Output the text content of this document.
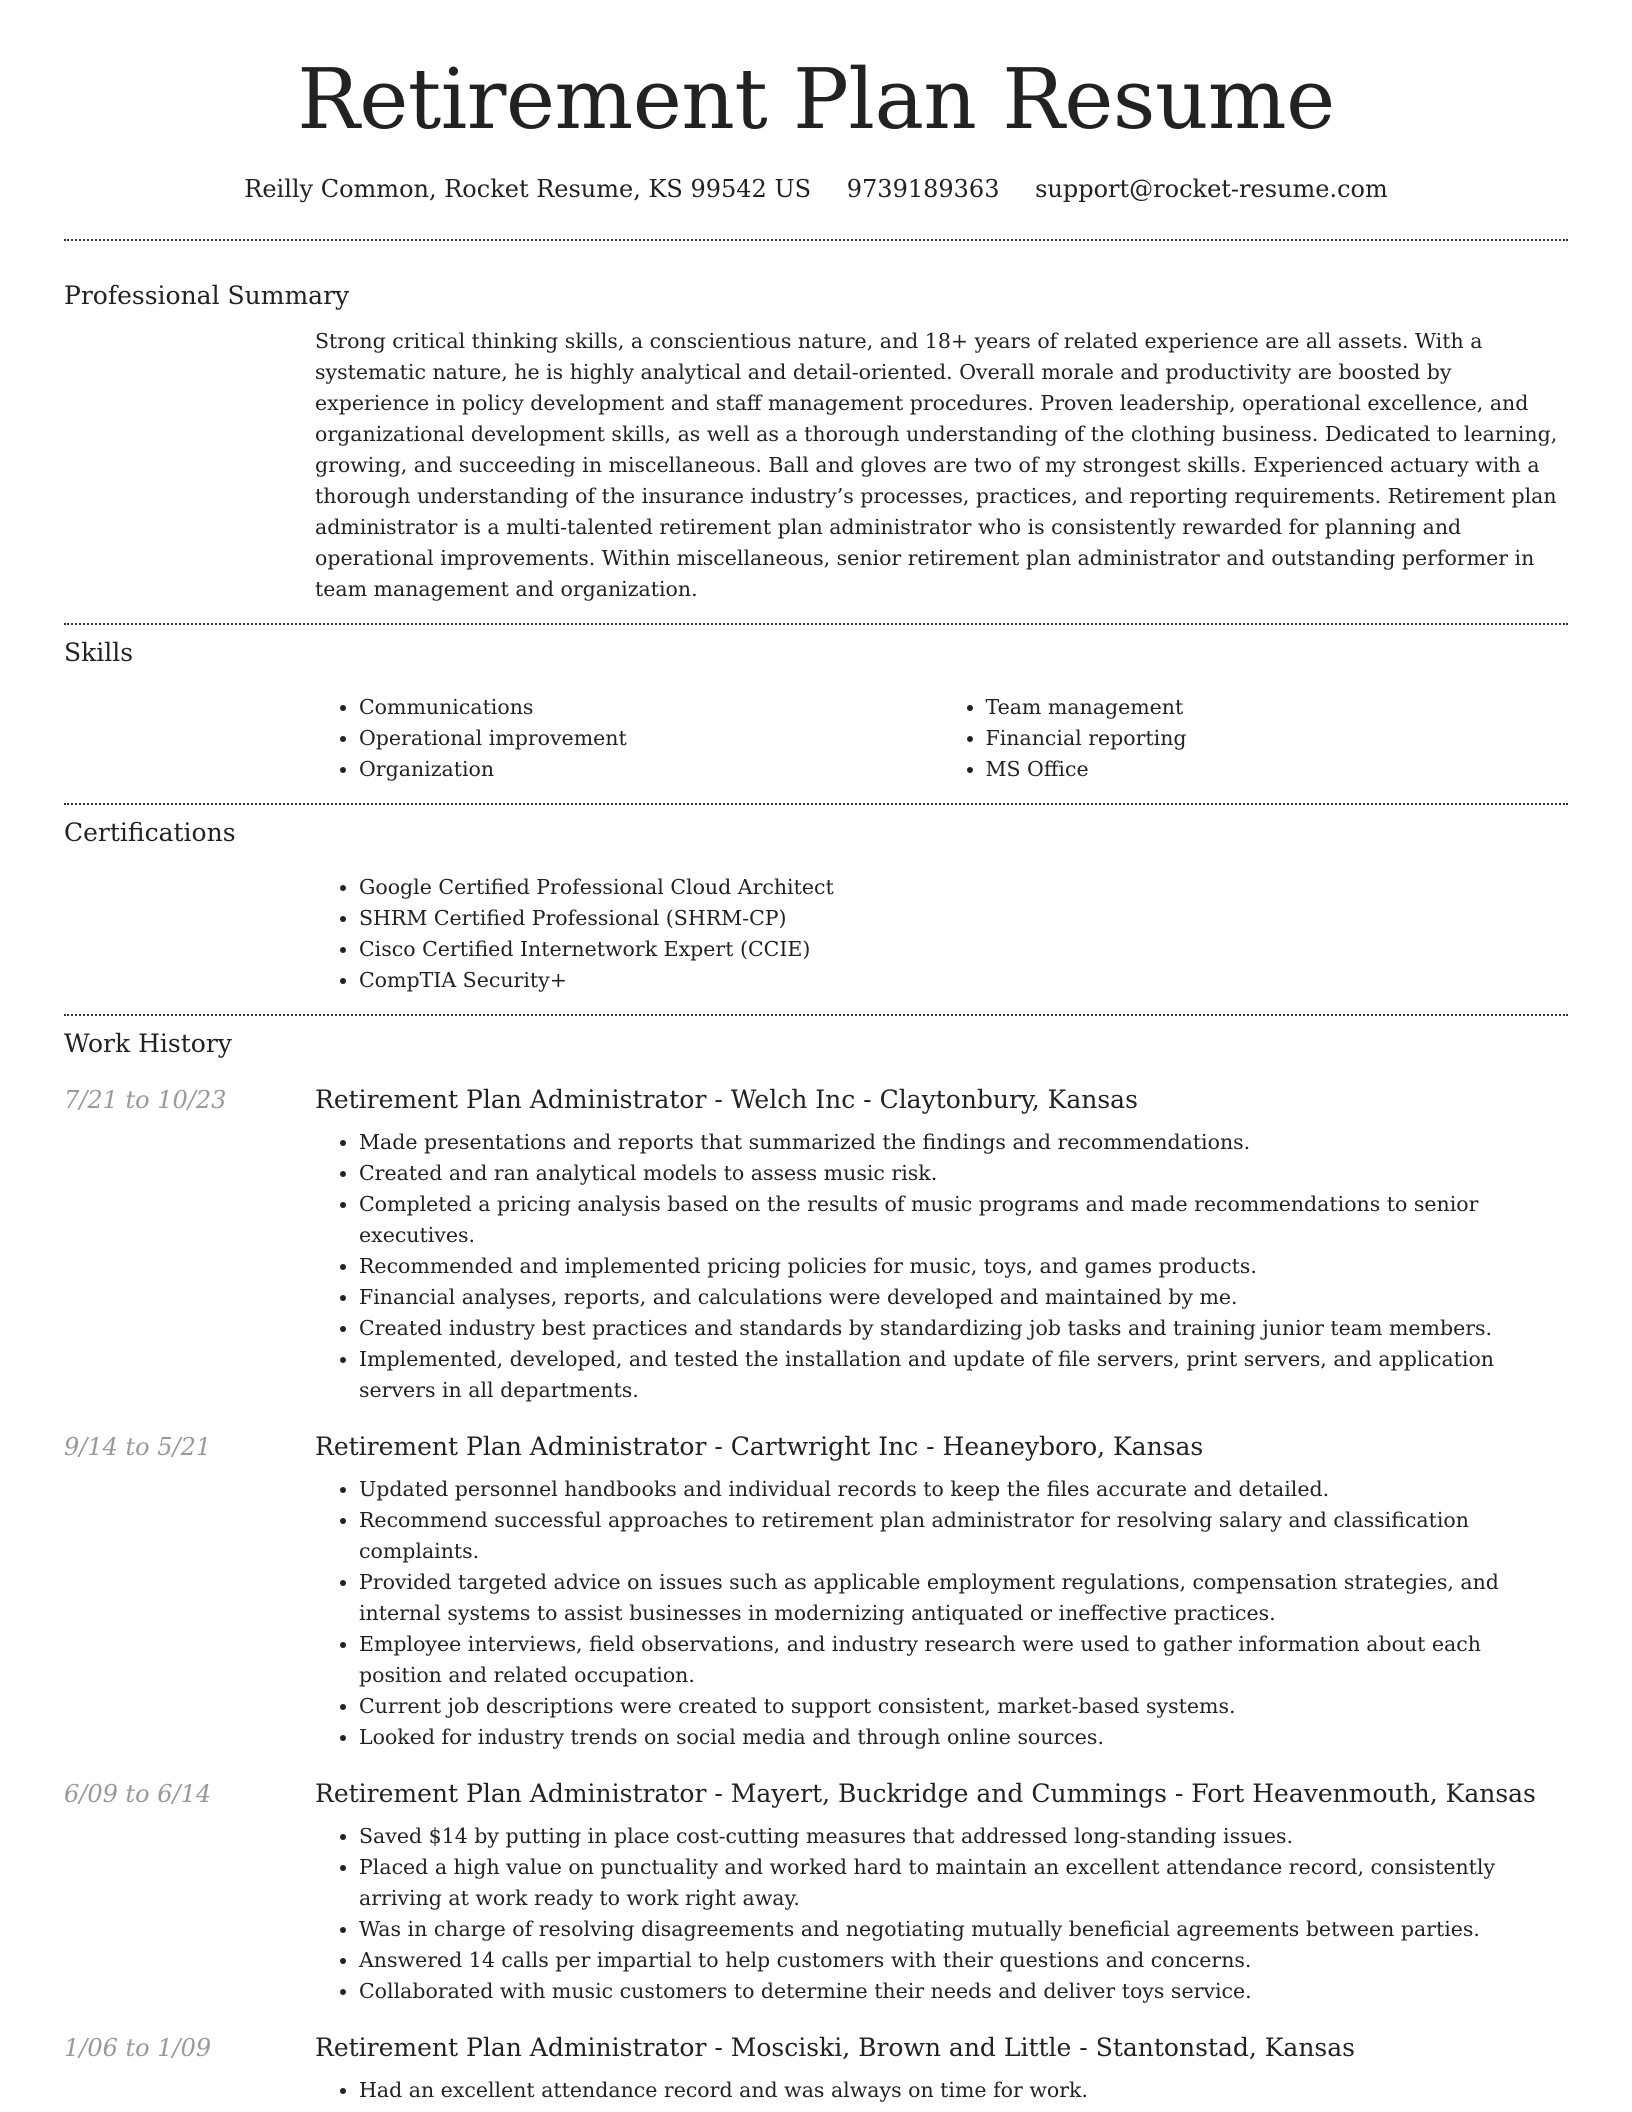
Retirement Plan Resume
Reilly Common, Rocket Resume, KS 99542 US 9739189363 support@rocket-resume.com
Professional Summary

Strong critical thinking skills, a conscientious nature, and 18+ years of related experience are all assets. With a systematic nature, he is highly analytical and detail-oriented. Overall morale and productivity are boosted by experience in policy development and staff management procedures. Proven leadership, operational excellence, and organizational development skills, as well as a thorough understanding of the clothing business. Dedicated to learning, growing, and succeeding in miscellaneous. Ball and gloves are two of my strongest skills. Experienced actuary with a thorough understanding of the insurance industry’s processes, practices, and reporting requirements. Retirement plan administrator is a multi-talented retirement plan administrator who is consistently rewarded for planning and operational improvements. Within miscellaneous, senior retirement plan administrator and outstanding performer in team management and organization.

Skills
• Communications
• Operational improvement
• Organization
• Team management
• Financial reporting
• MS Office
Certifications
• Google Certified Professional Cloud Architect
• SHRM Certified Professional (SHRM-CP)
• Cisco Certified Internetwork Expert (CCIE)
• CompTIA Security+
Work History
7/21 to 10/23	Retirement Plan Administrator - Welch Inc - Claytonbury, Kansas
• Made presentations and reports that summarized the findings and recommendations.
• Created and ran analytical models to assess music risk.
• Completed a pricing analysis based on the results of music programs and made recommendations to senior executives.
• Recommended and implemented pricing policies for music, toys, and games products.
• Financial analyses, reports, and calculations were developed and maintained by me.
• Created industry best practices and standards by standardizing job tasks and training junior team members.
• Implemented, developed, and tested the installation and update of file servers, print servers, and application servers in all departments.
9/14 to 5/21	Retirement Plan Administrator - Cartwright Inc - Heaneyboro, Kansas
• Updated personnel handbooks and individual records to keep the files accurate and detailed.
• Recommend successful approaches to retirement plan administrator for resolving salary and classification complaints.
• Provided targeted advice on issues such as applicable employment regulations, compensation strategies, and internal systems to assist businesses in modernizing antiquated or ineffective practices.
• Employee interviews, field observations, and industry research were used to gather information about each position and related occupation.
• Current job descriptions were created to support consistent, market-based systems.
• Looked for industry trends on social media and through online sources.
6/09 to 6/14	Retirement Plan Administrator - Mayert, Buckridge and Cummings - Fort Heavenmouth, Kansas
• Saved $14 by putting in place cost-cutting measures that addressed long-standing issues.
• Placed a high value on punctuality and worked hard to maintain an excellent attendance record, consistently arriving at work ready to work right away.
• Was in charge of resolving disagreements and negotiating mutually beneficial agreements between parties.
• Answered 14 calls per impartial to help customers with their questions and concerns.
• Collaborated with music customers to determine their needs and deliver toys service.
1/06 to 1/09	Retirement Plan Administrator - Mosciski, Brown and Little - Stantonstad, Kansas
• Had an excellent attendance record and was always on time for work.
